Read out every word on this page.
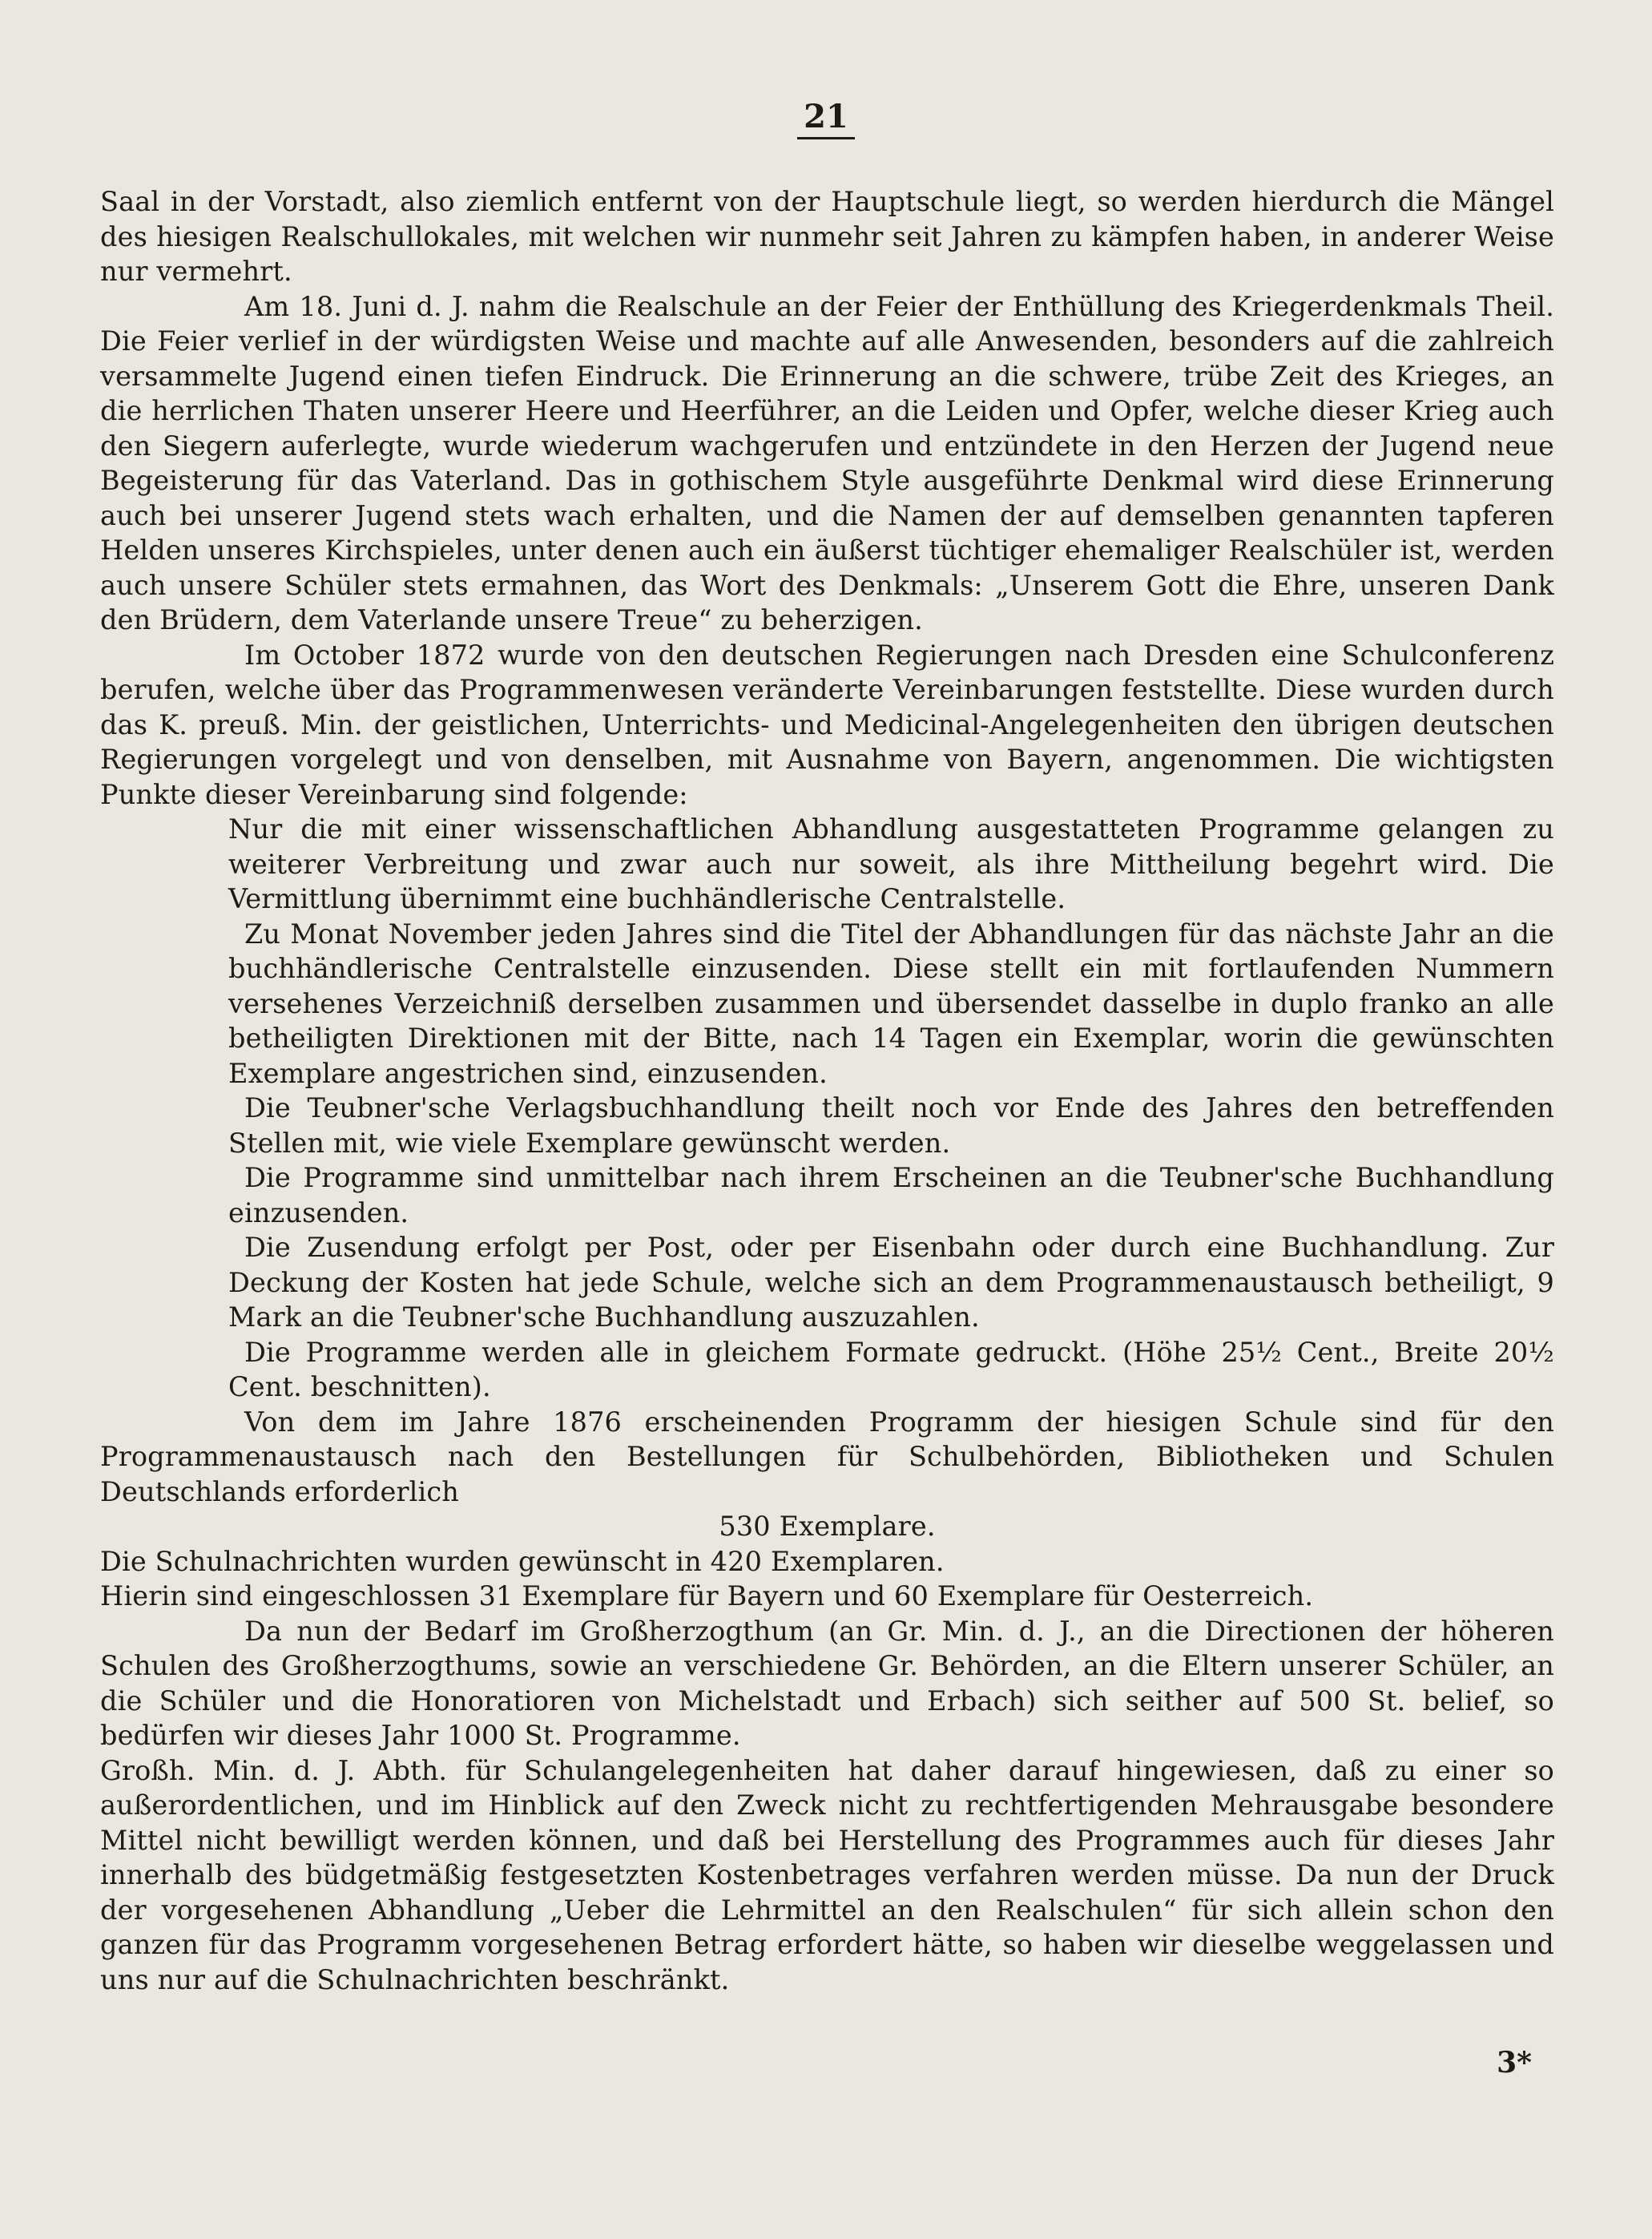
21

Saal in der Vorstadt, also ziemlich entfernt von der Hauptschule liegt, so werden hierdurch die Mängel des hiesigen Realschullokales, mit welchen wir nunmehr seit Jahren zu kämpfen haben, in anderer Weise nur vermehrt.

Am 18. Juni d. J. nahm die Realschule an der Feier der Enthüllung des Kriegerdenkmals Theil. Die Feier verlief in der würdigsten Weise und machte auf alle Anwesenden, besonders auf die zahlreich versammelte Jugend einen tiefen Eindruck. Die Erinnerung an die schwere, trübe Zeit des Krieges, an die herrlichen Thaten unserer Heere und Heerführer, an die Leiden und Opfer, welche dieser Krieg auch den Siegern auferlegte, wurde wiederum wachgerufen und entzündete in den Herzen der Jugend neue Begeisterung für das Vaterland. Das in gothischem Style ausgeführte Denkmal wird diese Erinnerung auch bei unserer Jugend stets wach erhalten, und die Namen der auf demselben genannten tapferen Helden unseres Kirchspieles, unter denen auch ein äußerst tüchtiger ehemaliger Realschüler ist, werden auch unsere Schüler stets ermahnen, das Wort des Denkmals: „Unserem Gott die Ehre, unseren Dank den Brüdern, dem Vaterlande unsere Treue“ zu beherzigen.

Im October 1872 wurde von den deutschen Regierungen nach Dresden eine Schulconferenz berufen, welche über das Programmenwesen veränderte Vereinbarungen feststellte. Diese wurden durch das K. preuß. Min. der geistlichen, Unterrichts- und Medicinal-Angelegenheiten den übrigen deutschen Regierungen vorgelegt und von denselben, mit Ausnahme von Bayern, angenommen. Die wichtigsten Punkte dieser Vereinbarung sind folgende:

Nur die mit einer wissenschaftlichen Abhandlung ausgestatteten Programme gelangen zu weiterer Verbreitung und zwar auch nur soweit, als ihre Mittheilung begehrt wird. Die Vermittlung übernimmt eine buchhändlerische Centralstelle.

Zu Monat November jeden Jahres sind die Titel der Abhandlungen für das nächste Jahr an die buchhändlerische Centralstelle einzusenden. Diese stellt ein mit fortlaufenden Nummern versehenes Verzeichniß derselben zusammen und übersendet dasselbe in duplo franko an alle betheiligten Direktionen mit der Bitte, nach 14 Tagen ein Exemplar, worin die gewünschten Exemplare angestrichen sind, einzusenden.

Die Teubner'sche Verlagsbuchhandlung theilt noch vor Ende des Jahres den betreffenden Stellen mit, wie viele Exemplare gewünscht werden.

Die Programme sind unmittelbar nach ihrem Erscheinen an die Teubner'sche Buchhandlung einzusenden.

Die Zusendung erfolgt per Post, oder per Eisenbahn oder durch eine Buchhandlung. Zur Deckung der Kosten hat jede Schule, welche sich an dem Programmenaustausch betheiligt, 9 Mark an die Teubner'sche Buchhandlung auszuzahlen.

Die Programme werden alle in gleichem Formate gedruckt. (Höhe 25½ Cent., Breite 20½ Cent. beschnitten).

Von dem im Jahre 1876 erscheinenden Programm der hiesigen Schule sind für den Programmenaustausch nach den Bestellungen für Schulbehörden, Bibliotheken und Schulen Deutschlands erforderlich

530 Exemplare.

Die Schulnachrichten wurden gewünscht in 420 Exemplaren.

Hierin sind eingeschlossen 31 Exemplare für Bayern und 60 Exemplare für Oesterreich.

Da nun der Bedarf im Großherzogthum (an Gr. Min. d. J., an die Directionen der höheren Schulen des Großherzogthums, sowie an verschiedene Gr. Behörden, an die Eltern unserer Schüler, an die Schüler und die Honoratioren von Michelstadt und Erbach) sich seither auf 500 St. belief, so bedürfen wir dieses Jahr 1000 St. Programme.

Großh. Min. d. J. Abth. für Schulangelegenheiten hat daher darauf hingewiesen, daß zu einer so außerordentlichen, und im Hinblick auf den Zweck nicht zu rechtfertigenden Mehrausgabe besondere Mittel nicht bewilligt werden können, und daß bei Herstellung des Programmes auch für dieses Jahr innerhalb des büdgetmäßig festgesetzten Kostenbetrages verfahren werden müsse. Da nun der Druck der vorgesehenen Abhandlung „Ueber die Lehrmittel an den Realschulen“ für sich allein schon den ganzen für das Programm vorgesehenen Betrag erfordert hätte, so haben wir dieselbe weggelassen und uns nur auf die Schulnachrichten beschränkt.

3*
